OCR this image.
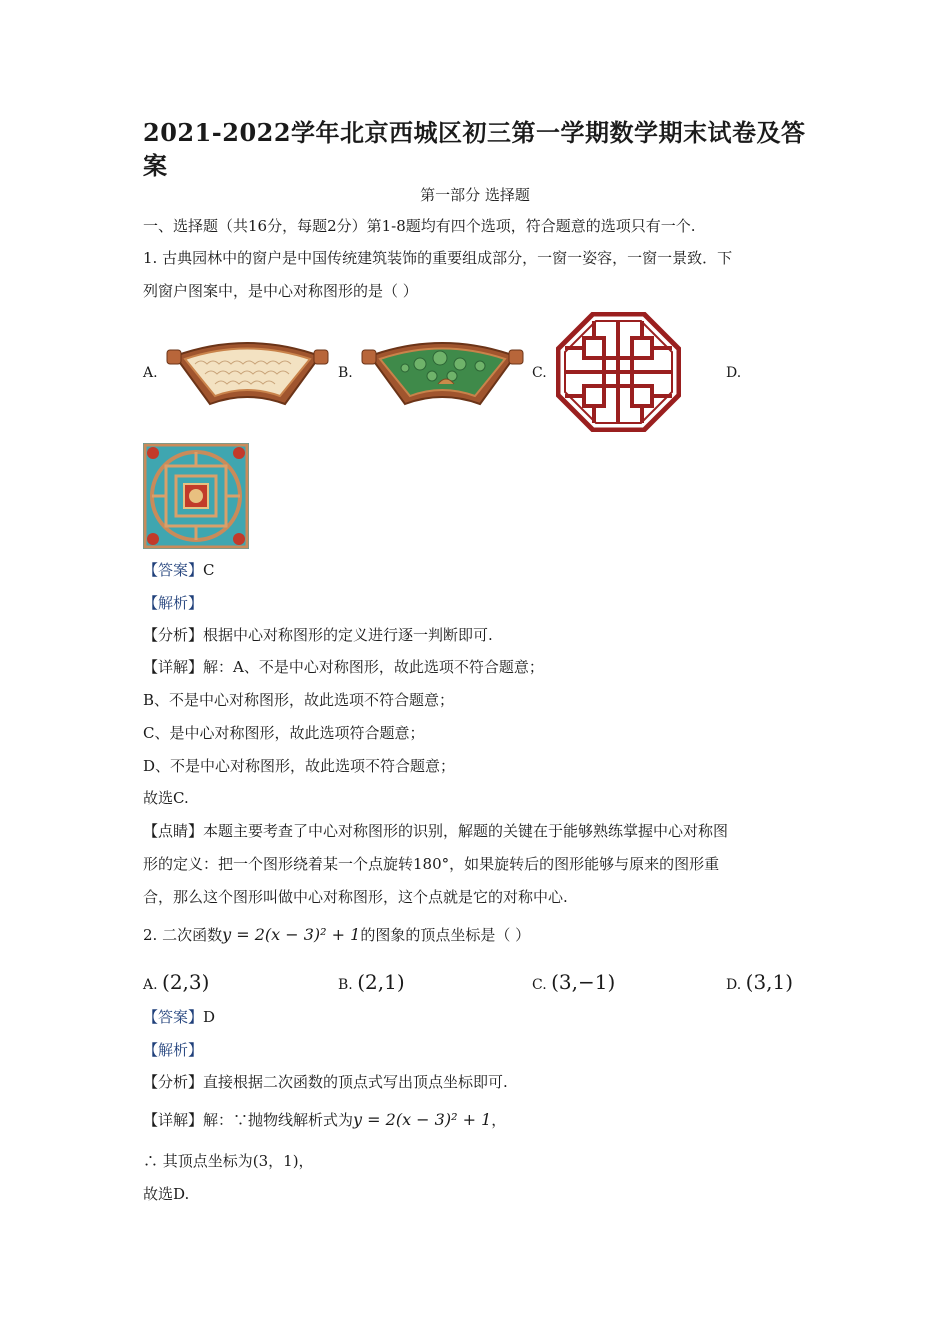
2021-2022学年北京西城区初三第一学期数学期末试卷及答案
第一部分 选择题
一、选择题（共16分，每题2分）第1-8题均有四个选项，符合题意的选项只有一个.
1. 古典园林中的窗户是中国传统建筑装饰的重要组成部分，一窗一姿容，一窗一景致．下
列窗户图案中，是中心对称图形的是（ ）
A.	B.	C.	D.
【答案】C
【解析】
【分析】根据中心对称图形的定义进行逐一判断即可.
【详解】解：A、不是中心对称图形，故此选项不符合题意；
B、不是中心对称图形，故此选项不符合题意；
C、是中心对称图形，故此选项符合题意；
D、不是中心对称图形，故此选项不符合题意；
故选C.
【点睛】本题主要考查了中心对称图形的识别，解题的关键在于能够熟练掌握中心对称图
形的定义：把一个图形绕着某一个点旋转180°，如果旋转后的图形能够与原来的图形重
合，那么这个图形叫做中心对称图形，这个点就是它的对称中心.
2. 二次函数y = 2(x − 3)² + 1的图象的顶点坐标是（ ）
A. (2,3)	B. (2,1)	C. (3,−1)	D. (3,1)
【答案】D
【解析】
【分析】直接根据二次函数的顶点式写出顶点坐标即可.
【详解】解：∵抛物线解析式为y = 2(x − 3)² + 1，
∴ 其顶点坐标为(3，1)，
故选D.
